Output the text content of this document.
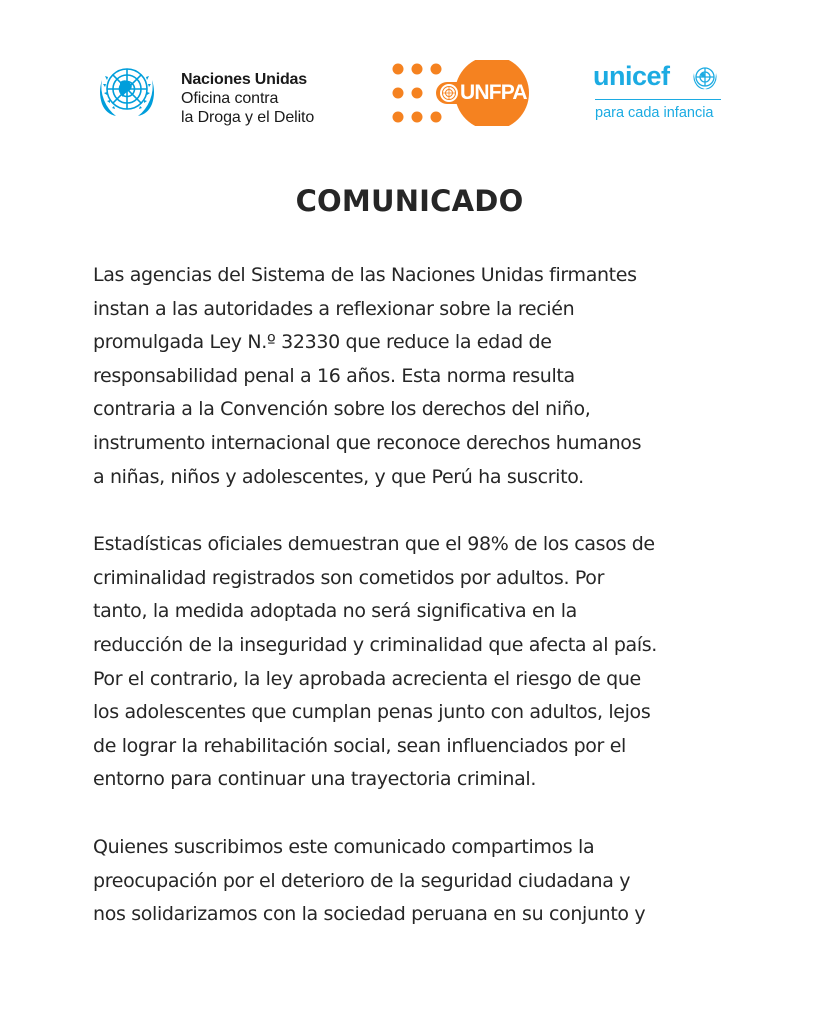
Naciones Unidas
Oficina contra
la Droga y el Delito
UNFPA
unicef
para cada infancia
COMUNICADO

Las agencias del Sistema de las Naciones Unidas firmantes
instan a las autoridades a reflexionar sobre la recién
promulgada Ley N.º 32330 que reduce la edad de
responsabilidad penal a 16 años. Esta norma resulta
contraria a la Convención sobre los derechos del niño,
instrumento internacional que reconoce derechos humanos
a niñas, niños y adolescentes, y que Perú ha suscrito.

Estadísticas oficiales demuestran que el 98% de los casos de
criminalidad registrados son cometidos por adultos. Por
tanto, la medida adoptada no será significativa en la
reducción de la inseguridad y criminalidad que afecta al país.
Por el contrario, la ley aprobada acrecienta el riesgo de que
los adolescentes que cumplan penas junto con adultos, lejos
de lograr la rehabilitación social, sean influenciados por el
entorno para continuar una trayectoria criminal.

Quienes suscribimos este comunicado compartimos la
preocupación por el deterioro de la seguridad ciudadana y
nos solidarizamos con la sociedad peruana en su conjunto y
